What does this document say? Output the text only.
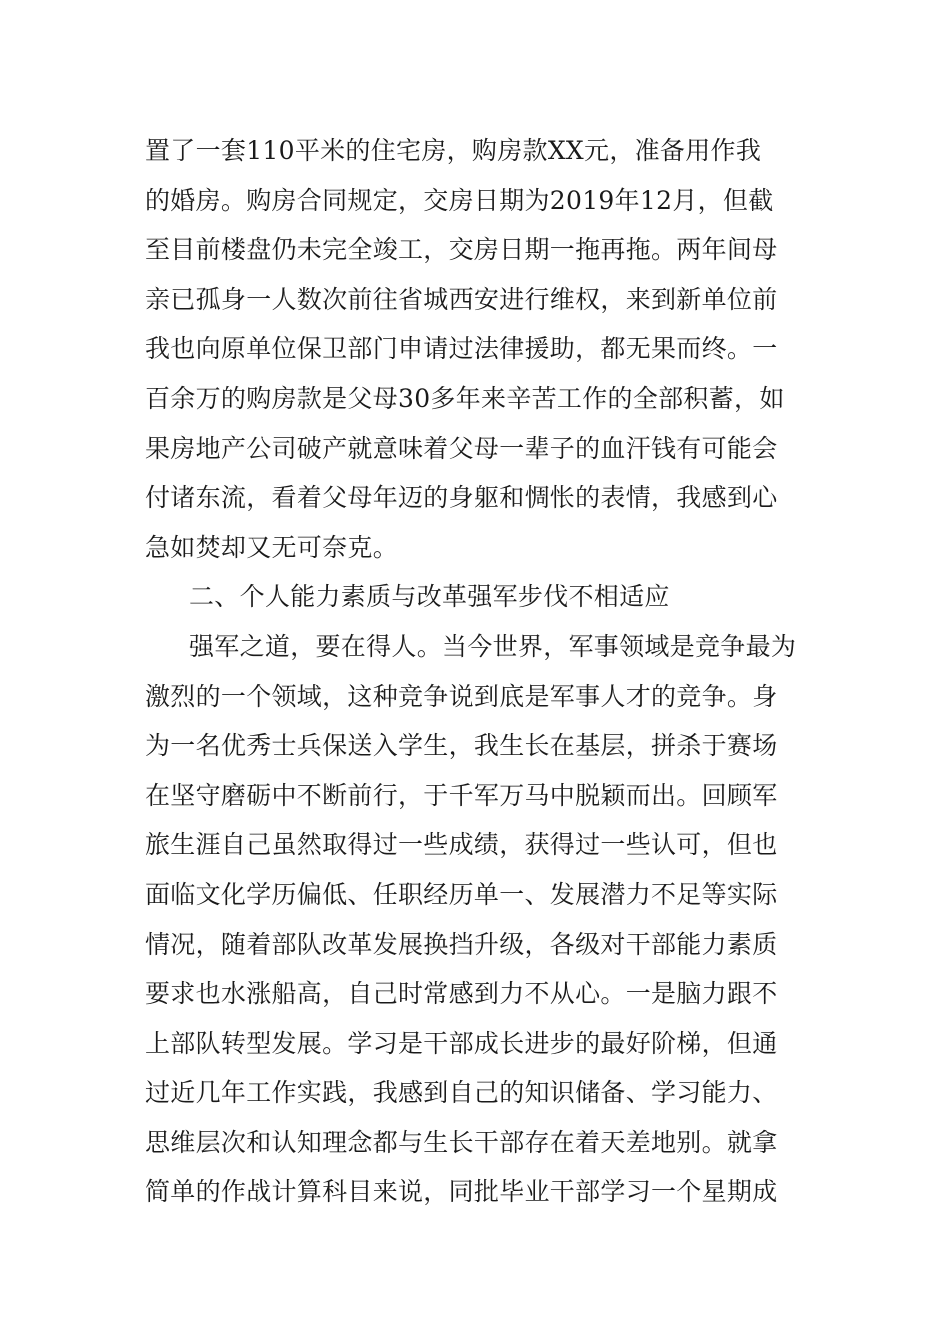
置了一套110平米的住宅房，购房款XX元，准备用作我
的婚房。购房合同规定，交房日期为2019年12月，但截
至目前楼盘仍未完全竣工，交房日期一拖再拖。两年间母
亲已孤身一人数次前往省城西安进行维权，来到新单位前
我也向原单位保卫部门申请过法律援助，都无果而终。一
百余万的购房款是父母30多年来辛苦工作的全部积蓄，如
果房地产公司破产就意味着父母一辈子的血汗钱有可能会
付诸东流，看着父母年迈的身躯和惆怅的表情，我感到心
急如焚却又无可奈克。
二、个人能力素质与改革强军步伐不相适应
强军之道，要在得人。当今世界，军事领域是竞争最为
激烈的一个领域，这种竞争说到底是军事人才的竞争。身
为一名优秀士兵保送入学生，我生长在基层，拼杀于赛场
在坚守磨砺中不断前行，于千军万马中脱颖而出。回顾军
旅生涯自己虽然取得过一些成绩，获得过一些认可，但也
面临文化学历偏低、任职经历单一、发展潜力不足等实际
情况，随着部队改革发展换挡升级，各级对干部能力素质
要求也水涨船高，自己时常感到力不从心。一是脑力跟不
上部队转型发展。学习是干部成长进步的最好阶梯，但通
过近几年工作实践，我感到自己的知识储备、学习能力、
思维层次和认知理念都与生长干部存在着天差地别。就拿
简单的作战计算科目来说，同批毕业干部学习一个星期成
